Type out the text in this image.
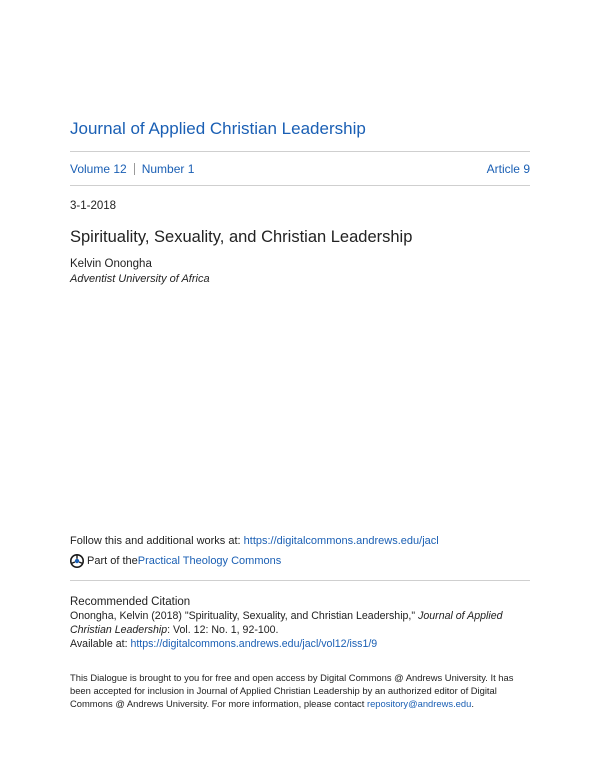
Journal of Applied Christian Leadership
Volume 12 Number 1	Article 9
3-1-2018
Spirituality, Sexuality, and Christian Leadership
Kelvin Onongha
Adventist University of Africa
Follow this and additional works at: https://digitalcommons.andrews.edu/jacl
Part of the Practical Theology Commons
Recommended Citation
Onongha, Kelvin (2018) "Spirituality, Sexuality, and Christian Leadership," Journal of Applied Christian Leadership: Vol. 12: No. 1, 92-100.
Available at: https://digitalcommons.andrews.edu/jacl/vol12/iss1/9
This Dialogue is brought to you for free and open access by Digital Commons @ Andrews University. It has been accepted for inclusion in Journal of Applied Christian Leadership by an authorized editor of Digital Commons @ Andrews University. For more information, please contact repository@andrews.edu.
